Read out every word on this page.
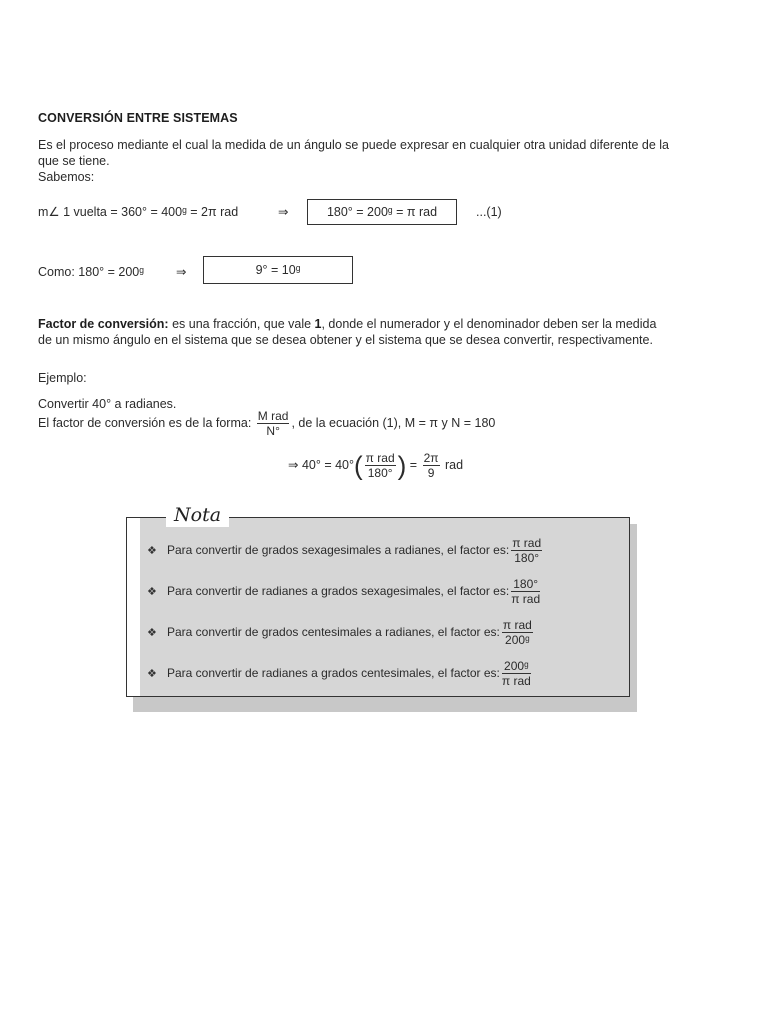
CONVERSIÓN ENTRE SISTEMAS
Es el proceso mediante el cual la medida de un ángulo se puede expresar en cualquier otra unidad diferente de la
que se tiene.
Sabemos:
m∠ 1 vuelta = 360° = 400ᵍ = 2π rad	⇒	180° = 200ᵍ = π rad	...(1)
Como: 180° = 200ᵍ	⇒	9° = 10ᵍ
Factor de conversión: es una fracción, que vale 1, donde el numerador y el denominador deben ser la medida
de un mismo ángulo en el sistema que se desea obtener y el sistema que se desea convertir, respectivamente.
Ejemplo:
Convertir 40° a radianes.
El factor de conversión es de la forma: $\frac{\text{M rad}}{N^\circ}$ , de la ecuación (1), M = π y N = 180
⇒ $40^\circ = 40^\circ( \frac{\text{π rad}}{180^\circ}$ ) = $\frac{2\pi}{9}$ rad
Nota
❖ Para convertir de grados sexagesimales a radianes, el factor es: $\frac{\text{π rad}}{180^\circ}$
❖ Para convertir de radianes a grados sexagesimales, el factor es: $\frac{180^\circ}{\text{π rad}}$
❖ Para convertir de grados centesimales a radianes, el factor es: $\frac{\text{π rad}}{\text{200ᵍ}}$
❖ Para convertir de radianes a grados centesimales, el factor es: $\frac{\text{200ᵍ}}{\text{π rad}}$
